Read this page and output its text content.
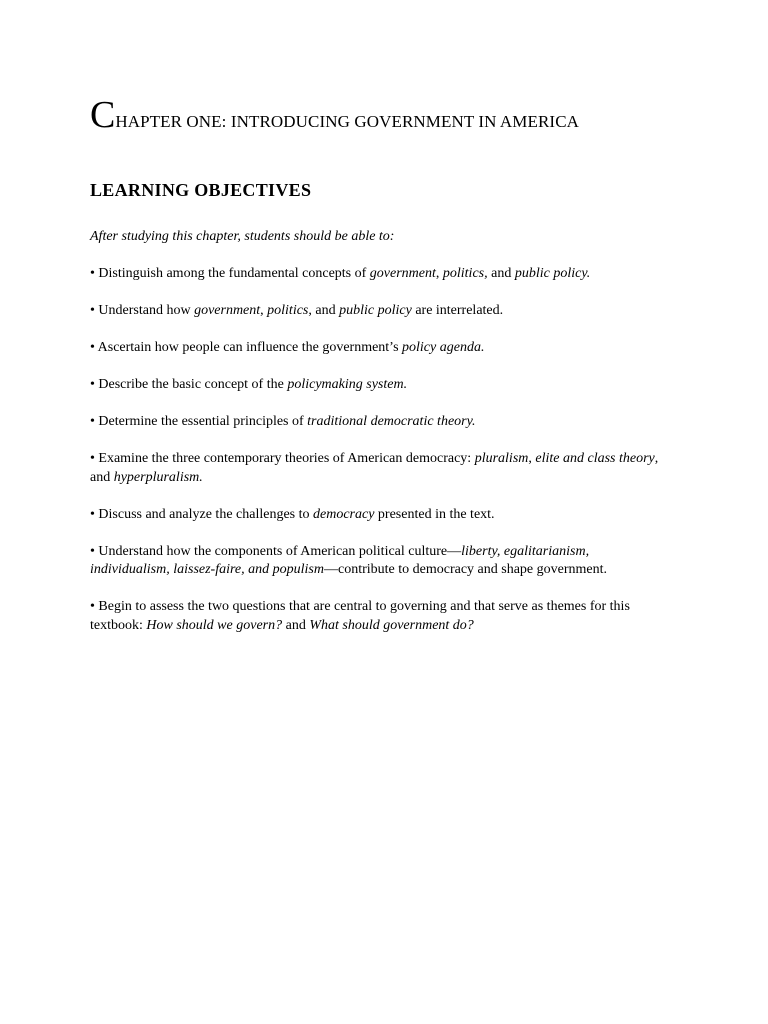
CHAPTER ONE: INTRODUCING GOVERNMENT IN AMERICA
LEARNING OBJECTIVES

After studying this chapter, students should be able to:

• Distinguish among the fundamental concepts of government, politics, and public policy.
• Understand how government, politics, and public policy are interrelated.
• Ascertain how people can influence the government’s policy agenda.
• Describe the basic concept of the policymaking system.
• Determine the essential principles of traditional democratic theory.
• Examine the three contemporary theories of American democracy: pluralism, elite and class theory, and hyperpluralism.
• Discuss and analyze the challenges to democracy presented in the text.
• Understand how the components of American political culture—liberty, egalitarianism, individualism, laissez-faire, and populism—contribute to democracy and shape government.
• Begin to assess the two questions that are central to governing and that serve as themes for this textbook: How should we govern? and What should government do?
